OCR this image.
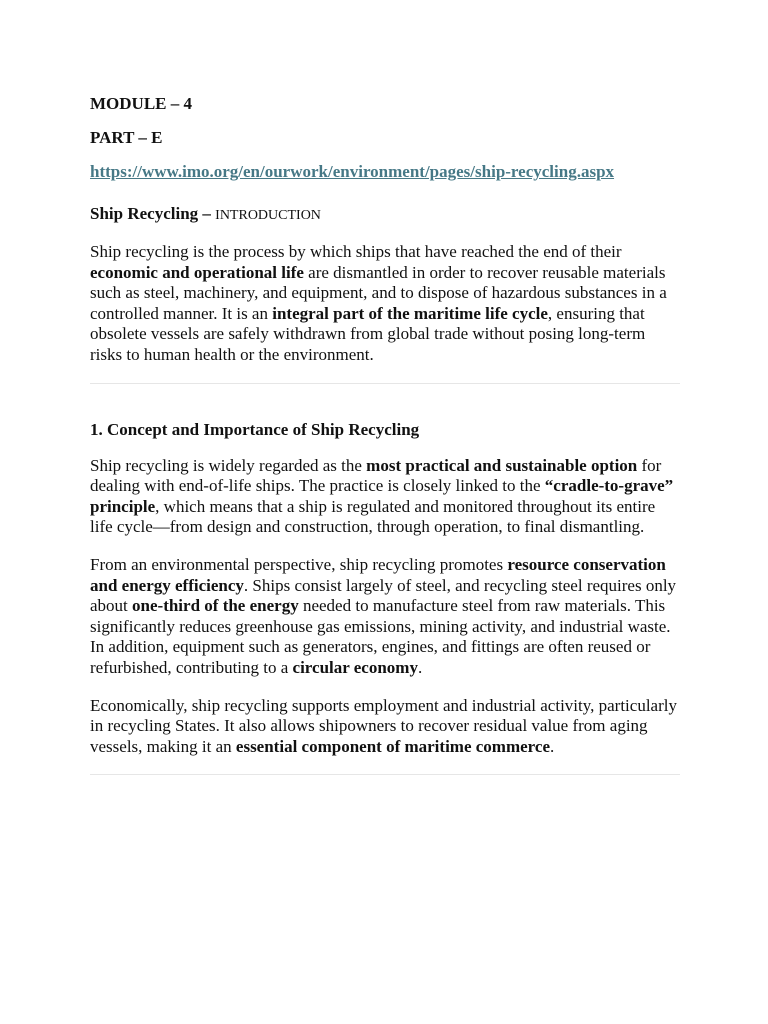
MODULE – 4
PART – E
https://www.imo.org/en/ourwork/environment/pages/ship-recycling.aspx
Ship Recycling – INTRODUCTION

Ship recycling is the process by which ships that have reached the end of their economic and operational life are dismantled in order to recover reusable materials such as steel, machinery, and equipment, and to dispose of hazardous substances in a controlled manner. It is an integral part of the maritime life cycle, ensuring that obsolete vessels are safely withdrawn from global trade without posing long-term risks to human health or the environment.

1. Concept and Importance of Ship Recycling

Ship recycling is widely regarded as the most practical and sustainable option for dealing with end-of-life ships. The practice is closely linked to the “cradle-to-grave” principle, which means that a ship is regulated and monitored throughout its entire life cycle—from design and construction, through operation, to final dismantling.

From an environmental perspective, ship recycling promotes resource conservation and energy efficiency. Ships consist largely of steel, and recycling steel requires only about one-third of the energy needed to manufacture steel from raw materials. This significantly reduces greenhouse gas emissions, mining activity, and industrial waste. In addition, equipment such as generators, engines, and fittings are often reused or refurbished, contributing to a circular economy.

Economically, ship recycling supports employment and industrial activity, particularly in recycling States. It also allows shipowners to recover residual value from aging vessels, making it an essential component of maritime commerce.
